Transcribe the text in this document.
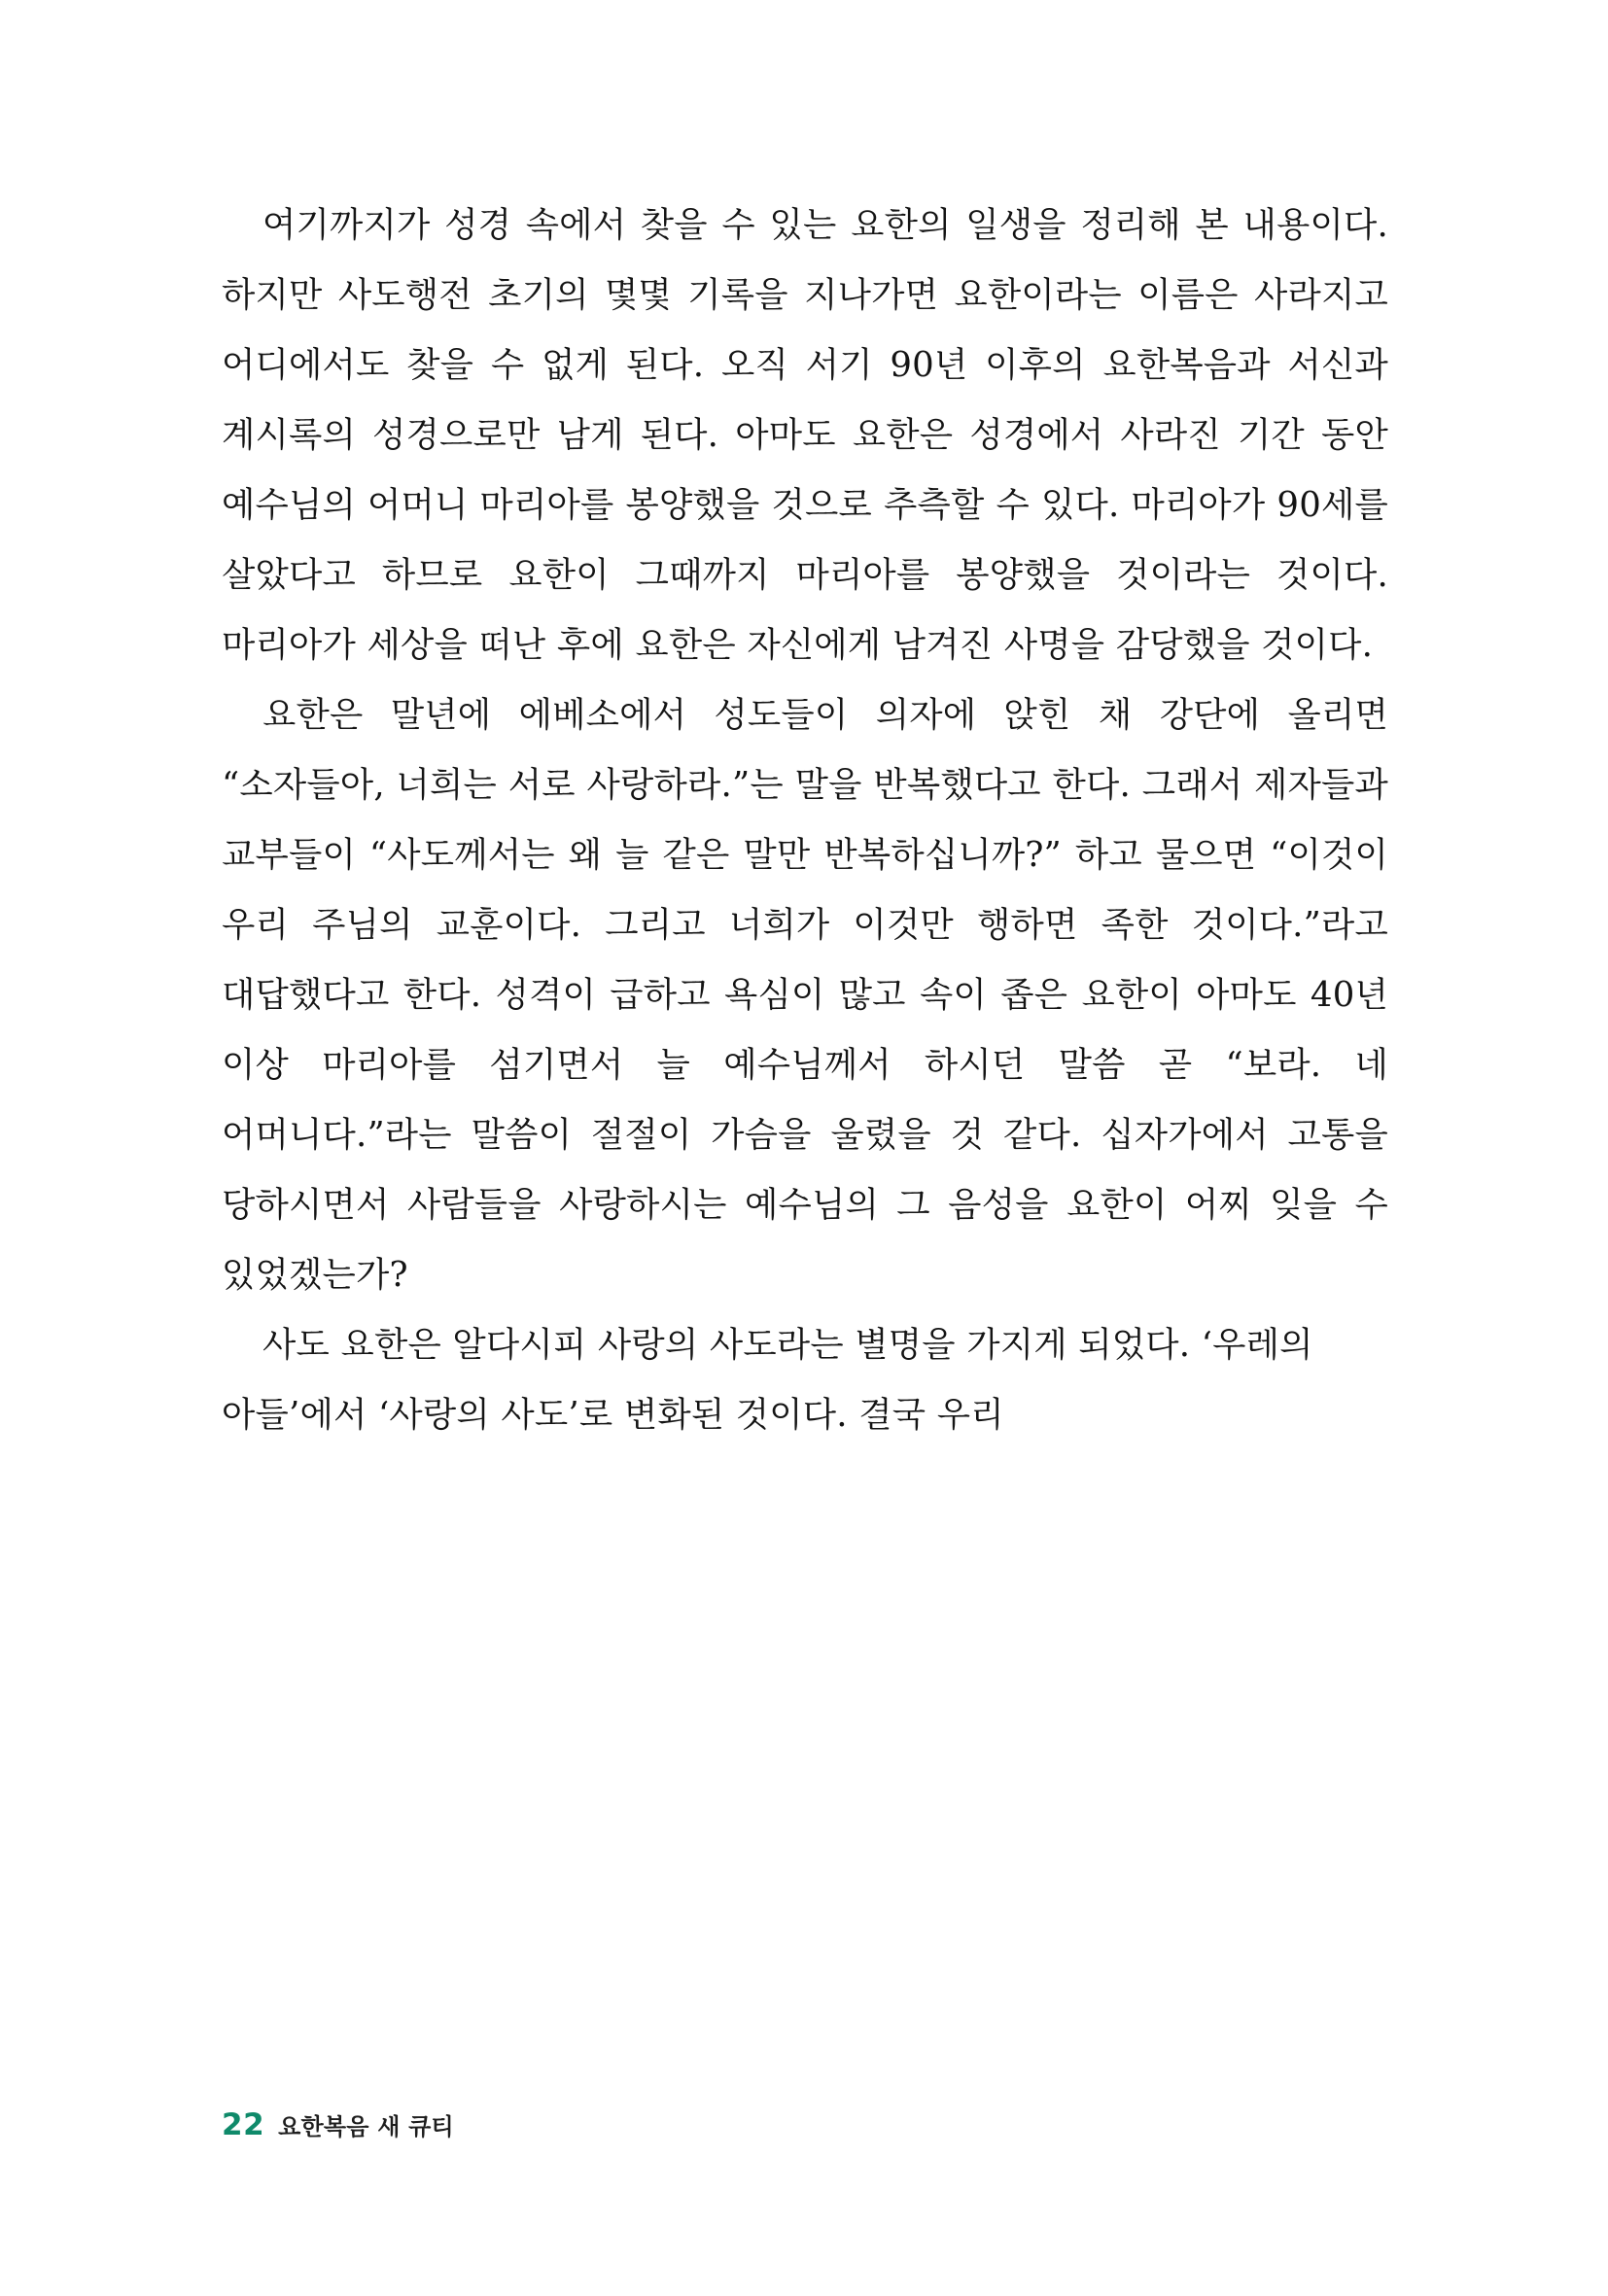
여기까지가 성경 속에서 찾을 수 있는 요한의 일생을 정리해 본 내용이다. 하지만 사도행전 초기의 몇몇 기록을 지나가면 요한이라는 이름은 사라지고 어디에서도 찾을 수 없게 된다. 오직 서기 90년 이후의 요한복음과 서신과 계시록의 성경으로만 남게 된다. 아마도 요한은 성경에서 사라진 기간 동안 예수님의 어머니 마리아를 봉양했을 것으로 추측할 수 있다. 마리아가 90세를 살았다고 하므로 요한이 그때까지 마리아를 봉양했을 것이라는 것이다. 마리아가 세상을 떠난 후에 요한은 자신에게 남겨진 사명을 감당했을 것이다.

요한은 말년에 에베소에서 성도들이 의자에 앉힌 채 강단에 올리면 “소자들아, 너희는 서로 사랑하라.”는 말을 반복했다고 한다. 그래서 제자들과 교부들이 “사도께서는 왜 늘 같은 말만 반복하십니까?” 하고 물으면 “이것이 우리 주님의 교훈이다. 그리고 너희가 이것만 행하면 족한 것이다.”라고 대답했다고 한다. 성격이 급하고 욕심이 많고 속이 좁은 요한이 아마도 40년 이상 마리아를 섬기면서 늘 예수님께서 하시던 말씀 곧 “보라. 네 어머니다.”라는 말씀이 절절이 가슴을 울렸을 것 같다. 십자가에서 고통을 당하시면서 사람들을 사랑하시는 예수님의 그 음성을 요한이 어찌 잊을 수 있었겠는가?

사도 요한은 알다시피 사랑의 사도라는 별명을 가지게 되었다. ‘우레의 아들’에서 ‘사랑의 사도’로 변화된 것이다. 결국 우리

22 요한복음 새 큐티
